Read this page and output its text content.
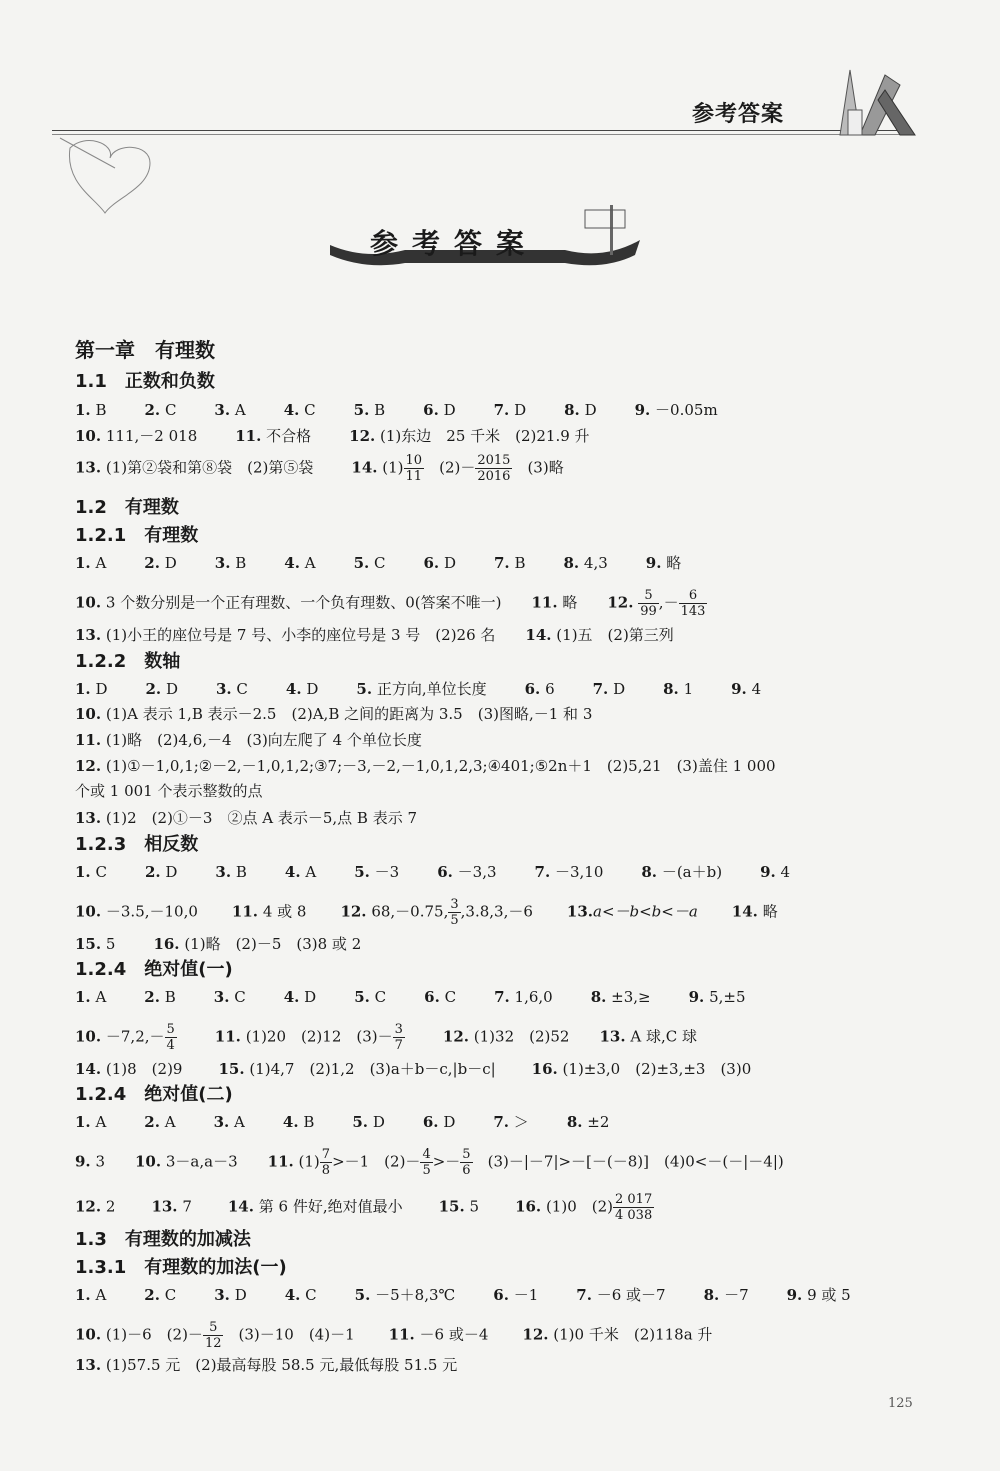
参考答案
参考答案
第一章　有理数
1.1　正数和负数
1. B	2. C	3. A	4. C	5. B	6. D	7. D	8. D	9. －0.05m
10. 111,－2 018	11. 不合格	12. (1)东边　25 千米　(2)21.9 升
13. (1)第②袋和第⑧袋　(2)第⑤袋	14. $(1) \frac{10}{11}$
　 $(2)- \frac{2015}{2016}$
　 (3)略
1.2　有理数
1.2.1　有理数
1. A	2. D	3. B	4. A	5. C	6. D	7. B	8. 4,3	9. 略
10. 3 个数分别是一个正有理数、一个负有理数、0(答案不唯一) 11. 略 12. $\frac{5}{99}$ ,－ $\frac{6}{143}$
13. (1)小王的座位号是 7 号、小李的座位号是 3 号　(2)26 名 14. (1)五　(2)第三列
1.2.2　数轴
1. D	2. D	3. C	4. D	5. 正方向,单位长度	6. 6	7. D	8. 1	9. 4
10. (1)A 表示 1,B 表示－2.5　(2)A,B 之间的距离为 3.5　(3)图略,－1 和 3
11. (1)略　(2)4,6,－4　(3)向左爬了 4 个单位长度
12. (1)①－1,0,1;②－2,－1,0,1,2;③7;－3,－2,－1,0,1,2,3;④401;⑤2n＋1　(2)5,21　(3)盖住 1 000
个或 1 001 个表示整数的点
13. (1)2　(2)①－3　②点 A 表示－5,点 B 表示 7
1.2.3　相反数
1. C	2. D	3. B	4. A	5. －3	6. －3,3	7. －3,10	8. －(a＋b)	9. 4
10. －3.5,－10,0 11. 4 或 8 12. 68,－0.75, $\frac{3}{5} ,3.8,3,-6$ 13.a<－b<b<－a 14. 略
15. 5	16. (1)略　(2)－5　(3)8 或 2
1.2.4　绝对值(一)
1. A	2. B	3. C	4. D	5. C	6. C	7. 1,6,0	8. ±3,≥	9. 5,±5
10. $-7,2,- \frac{5}{4}$	11. (1)20　(2)12　$(3)- \frac{3}{7}$	12. (1)32　(2)52 13. A 球,C 球
14. (1)8　(2)9 15. (1)4,7　(2)1,2　(3)a＋b－c,|b－c| 16. (1)±3,0　(2)±3,±3　(3)0
1.2.4　绝对值(二)
1. A	2. A	3. A	4. B	5. D	6. D	7. ＞	8. ±2
9. 3 10. 3－a,a－3 11. $(1) \frac{7}{8} >-1$　$(2)- \frac{4}{5} >- \frac{5}{6}$
　 (3)－|－7|>－[－(－8)]　(4)0<－(－|－4|)
12. 2 13. 7 14. 第 6 件好,绝对值最小 15. 5 16. (1)0　$(2) \frac{2 017}{4 038}$
1.3　有理数的加减法
1.3.1　有理数的加法(一)
1. A	2. C	3. D	4. C	5. －5＋8,3℃	6. －1	7. －6 或－7	8. －7	9. 9 或 5
10. (1)－6　$(2)- \frac{5}{12}$
　 (3)－10　(4)－1 11. －6 或－4 12. (1)0 千米　(2)118a 升
13. (1)57.5 元　(2)最高每股 58.5 元,最低每股 51.5 元
125
